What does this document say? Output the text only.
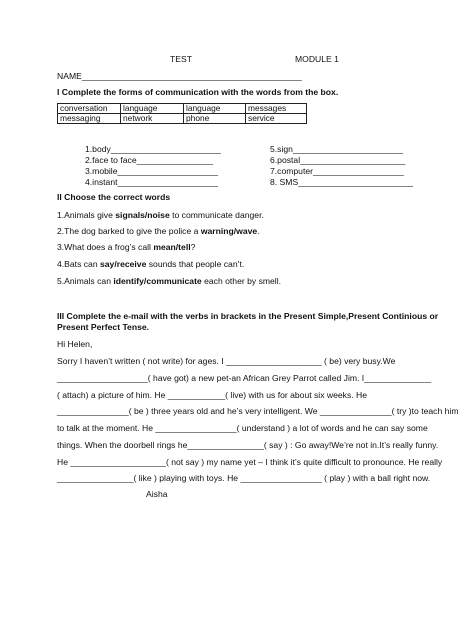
TEST	MODULE 1
NAME______________________________________________
I Complete the forms of communication with the words from the box.
conversation	language	language	messages
messaging	network	phone	service
1.body_______________________
2.face to face________________
3.mobile_____________________
4.instant_____________________
5.sign_______________________
6.postal______________________
7.computer___________________
8. SMS________________________
II Choose the correct words
1.Animals give signals/noise to communicate danger.
2.The dog barked to give the police a warning/wave.
3.What does a frog’s call mean/tell?
4.Bats can say/receive sounds that people can’t.
5.Animals can identify/communicate each other by smell.
III Complete the e-mail with the verbs in brackets in the Present Simple,Present Continious or
Present Perfect Tense.
Hi Helen,
Sorry I haven’t written ( not write) for ages. I ____________________ ( be) very busy.We
___________________( have got) a new pet-an African Grey Parrot called Jim. I______________
( attach) a picture of him. He ____________( live) with us for about six weeks. He
_______________( be ) three years old and he’s very intelligent. We _______________( try )to teach him
to talk at the moment. He _________________( understand ) a lot of words and he can say some
things. When the doorbell rings he________________( say ) : Go away!We’re not in.It’s really funny.
He ____________________( not say ) my name yet – I think it’s quite difficult to pronounce. He really
________________( like ) playing with toys. He _________________ ( play ) with a ball right now.
Aisha
